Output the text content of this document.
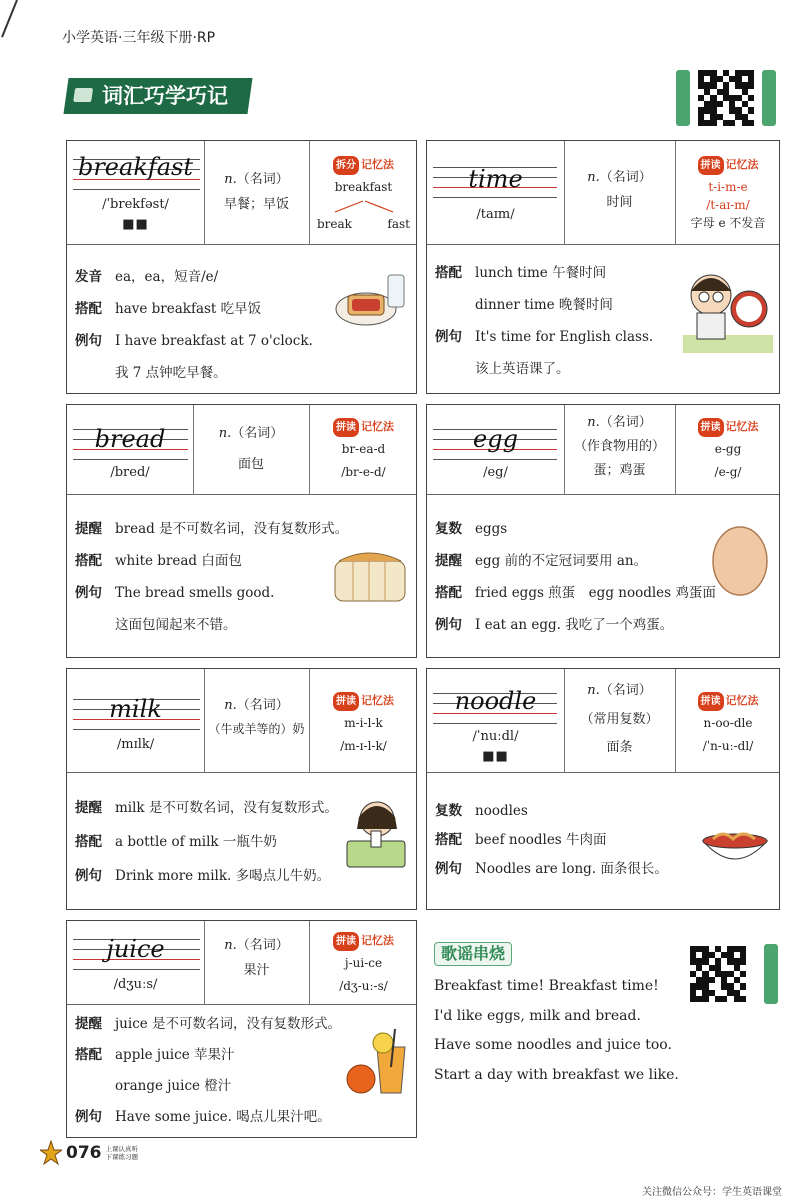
小学英语·三年级下册·RP
词汇巧学巧记
breakfast
/ˈbrekfəst/
■■
n.（名词）
早餐；早饭
拆分 记忆法
breakfast
break	fast
发音 ea，ea，短音/e/
搭配 have breakfast 吃早饭
例句 I have breakfast at 7 o'clock.
我 7 点钟吃早餐。
time
/taɪm/
n.（名词）
时间
拼读 记忆法
t-i-m-e
/t-aɪ-m/
字母 e 不发音
搭配 lunch time 午餐时间
dinner time 晚餐时间
例句 It's time for English class.
该上英语课了。
bread
/bred/
n.（名词）
面包
拼读 记忆法
br-ea-d
/br-e-d/
提醒 bread 是不可数名词，没有复数形式。
搭配 white bread 白面包
例句 The bread smells good.
这面包闻起来不错。
egg
/eg/
n.（名词）
（作食物用的）
蛋；鸡蛋
拼读 记忆法
e-gg
/e-g/
复数 eggs
提醒 egg 前的不定冠词要用 an。
搭配 fried eggs 煎蛋　egg noodles 鸡蛋面
例句 I eat an egg. 我吃了一个鸡蛋。
milk
/mɪlk/
n.（名词）
（牛或羊等的）奶
拼读 记忆法
m-i-l-k
/m-ɪ-l-k/
提醒 milk 是不可数名词，没有复数形式。
搭配 a bottle of milk 一瓶牛奶
例句 Drink more milk. 多喝点儿牛奶。
noodle
/ˈnuːdl/
■■
n.（名词）
（常用复数）
面条
拼读 记忆法
n-oo-dle
/ˈn-uː-dl/
复数 noodles
搭配 beef noodles 牛肉面
例句 Noodles are long. 面条很长。
juice
/dʒuːs/
n.（名词）
果汁
拼读 记忆法
j-ui-ce
/dʒ-uː-s/
提醒 juice 是不可数名词，没有复数形式。
搭配 apple juice 苹果汁
orange juice 橙汁
例句 Have some juice. 喝点儿果汁吧。
歌谣串烧
Breakfast time! Breakfast time!
I'd like eggs, milk and bread.
Have some noodles and juice too.
Start a day with breakfast we like.
076 上课认真听
下课练习题
关注微信公众号：学生英语课堂
